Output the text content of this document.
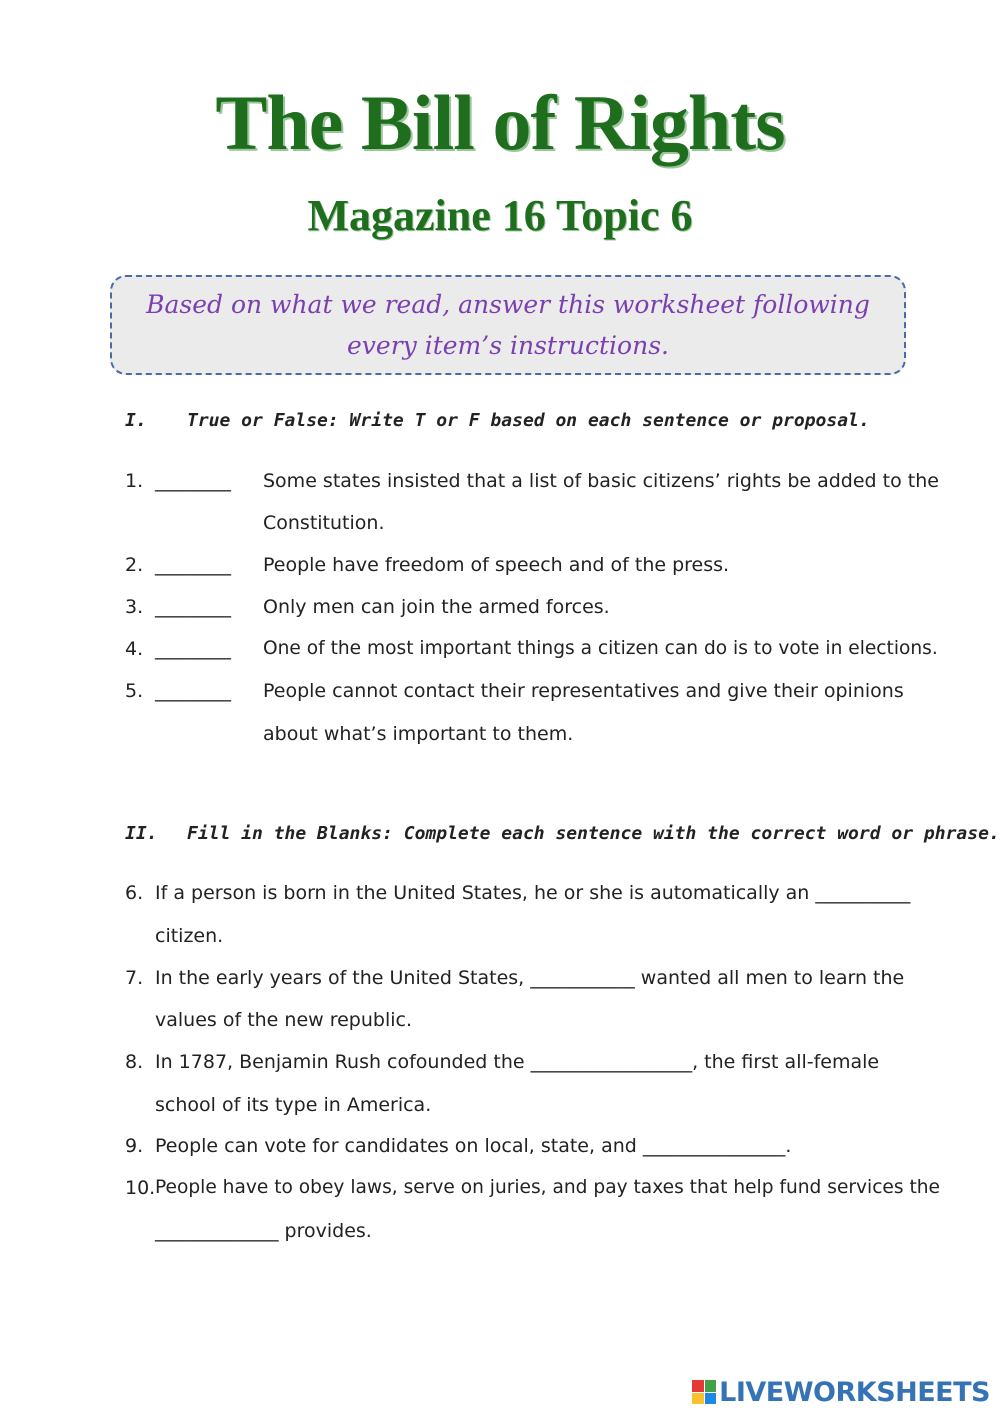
The Bill of Rights
Magazine 16 Topic 6
Based on what we read, answer this worksheet following
every item’s instructions.
I. True or False: Write T or F based on each sentence or proposal.
1. ________ Some states insisted that a list of basic citizens’ rights be added to the
Constitution.
2. ________ People have freedom of speech and of the press.
3. ________ Only men can join the armed forces.
4. ________ One of the most important things a citizen can do is to vote in elections.
5. ________ People cannot contact their representatives and give their opinions
about what’s important to them.
II. Fill in the Blanks: Complete each sentence with the correct word or phrase.
6. If a person is born in the United States, he or she is automatically an __________
citizen.
7. In the early years of the United States, ___________ wanted all men to learn the
values of the new republic.
8. In 1787, Benjamin Rush cofounded the _________________, the first all-female
school of its type in America.
9. People can vote for candidates on local, state, and _______________.
10. People have to obey laws, serve on juries, and pay taxes that help fund services the
_____________ provides.
LIVEWORKSHEETS
